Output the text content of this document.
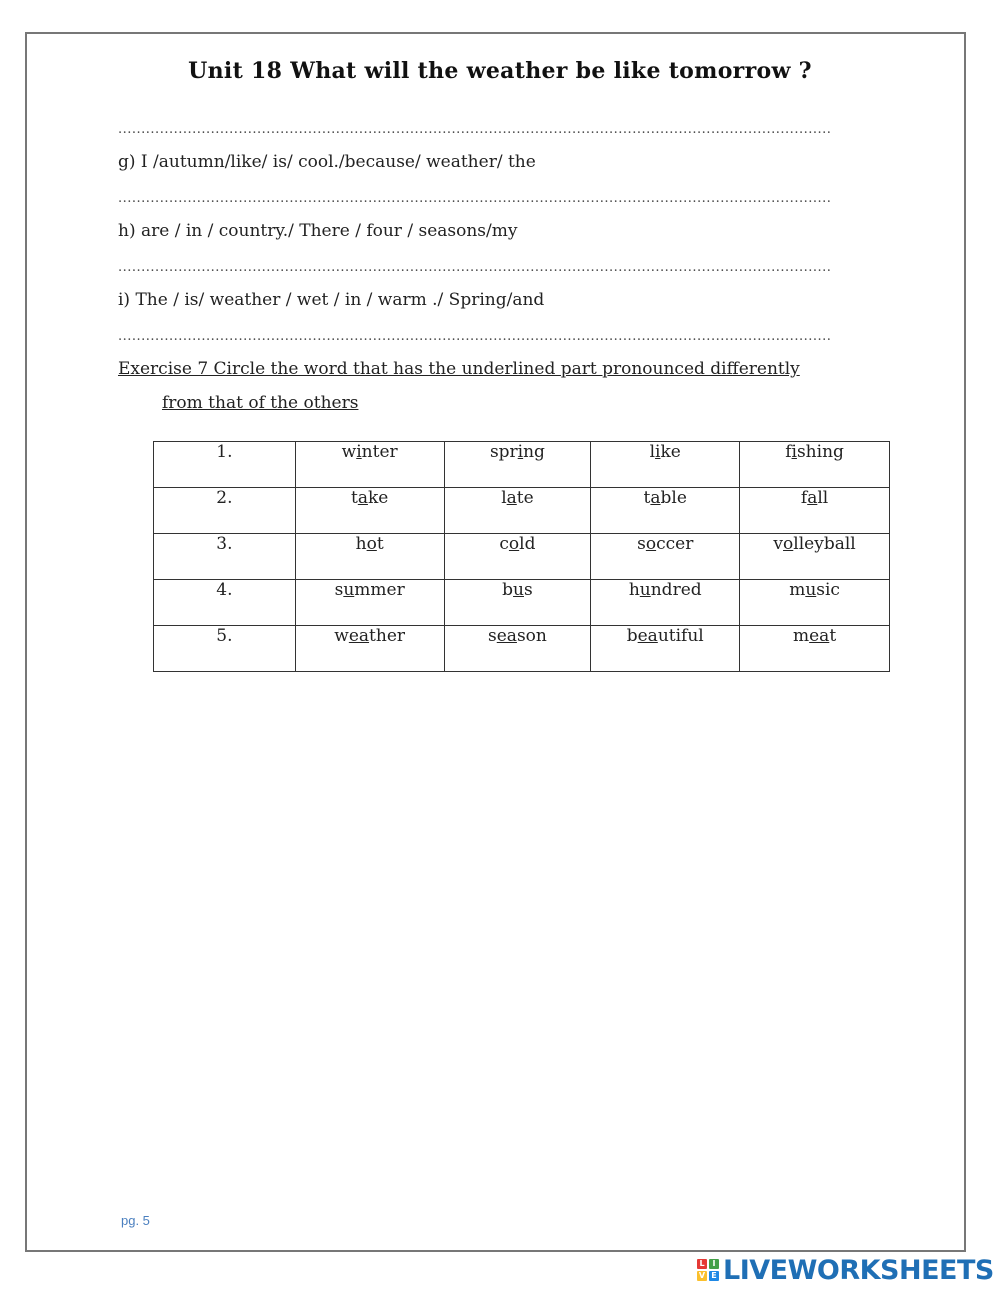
Unit 18 What will the weather be like tomorrow ?
..........................................................................................................................................................
g) I /autumn/like/ is/ cool./because/ weather/ the
..........................................................................................................................................................
h) are / in / country./ There / four / seasons/my
..........................................................................................................................................................
i) The / is/ weather / wet / in / warm ./ Spring/and
..........................................................................................................................................................
Exercise 7 Circle the word that has the underlined part pronounced differently
from that of the others
1.	winter	spring	like	fishing
2.	take	late	table	fall
3.	hot	cold	soccer	volleyball
4.	summer	bus	hundred	music
5.	weather	season	beautiful	meat
pg. 5
L I
V E LIVEWORKSHEETS
